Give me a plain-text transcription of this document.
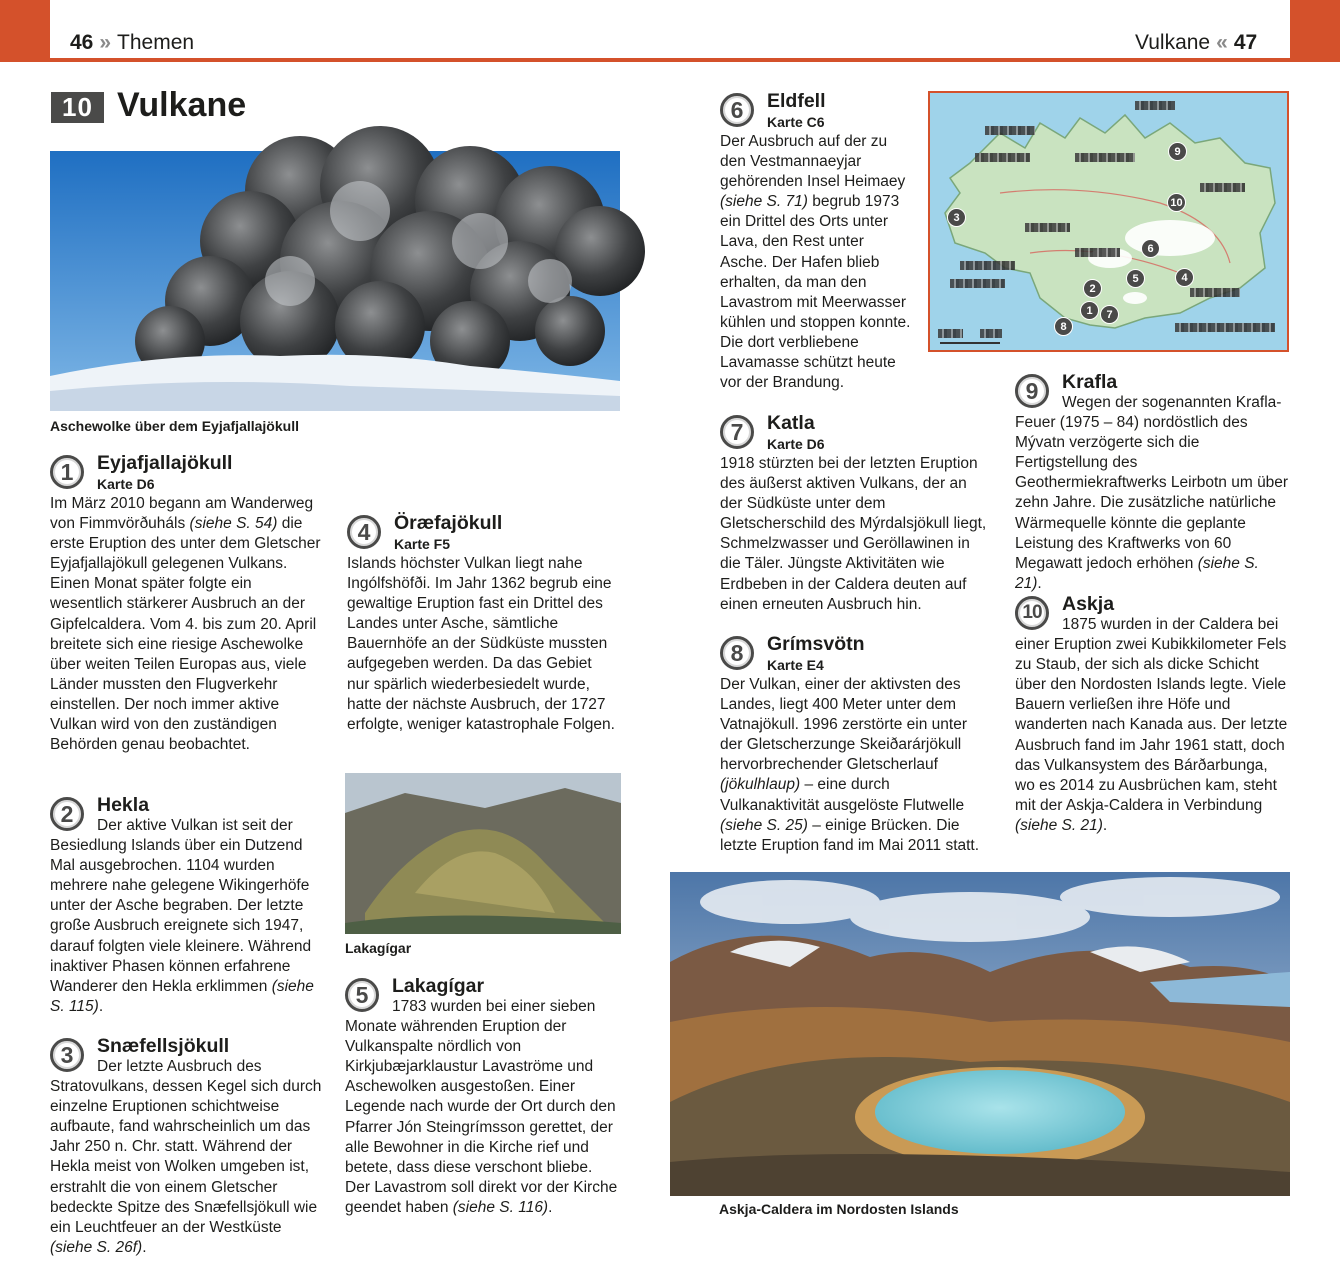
46 » Themen	Vulkane « 47
10 Vulkane
Aschewolke über dem Eyjafjallajökull
Lakagígar
Askja-Caldera im Nordosten Islands
9
10
3
6
5	4
2
1	7
8
1	Eyjafjallajökull
Karte D6

Im März 2010 begann am Wanderweg von Fimmvörðuháls (siehe S. 54) die erste Eruption des unter dem Gletscher Eyjafjallajökull gelegenen Vulkans. Einen Monat später folgte ein wesentlich stärkerer Ausbruch an der Gipfelcaldera. Vom 4. bis zum 20. April breitete sich eine riesige Aschewolke über weiten Teilen Europas aus, viele Länder mussten den Flugverkehr einstellen. Der noch immer aktive Vulkan wird von den zuständigen Behörden genau beobachtet.

2	Hekla

Der aktive Vulkan ist seit der Besiedlung Islands über ein Dutzend Mal ausgebrochen. 1104 wurden mehrere nahe gelegene Wikingerhöfe unter der Asche begraben. Der letzte große Ausbruch ereignete sich 1947, darauf folgten viele kleinere. Während inaktiver Phasen können erfahrene Wanderer den Hekla erklimmen (siehe S. 115).

3	Snæfellsjökull

Der letzte Ausbruch des Stratovulkans, dessen Kegel sich durch einzelne Eruptionen schichtweise aufbaute, fand wahrscheinlich um das Jahr 250 n. Chr. statt. Während der Hekla meist von Wolken umgeben ist, erstrahlt die von einem Gletscher bedeckte Spitze des Snæfellsjökull wie ein Leuchtfeuer an der Westküste (siehe S. 26f).

4	Öræfajökull
Karte F5

Islands höchster Vulkan liegt nahe Ingólfshöfði. Im Jahr 1362 begrub eine gewaltige Eruption fast ein Drittel des Landes unter Asche, sämtliche Bauernhöfe an der Südküste mussten aufgegeben werden. Da das Gebiet nur spärlich wiederbesiedelt wurde, hatte der nächste Ausbruch, der 1727 erfolgte, weniger katastrophale Folgen.

5	Lakagígar

1783 wurden bei einer sieben Monate währenden Eruption der Vulkanspalte nördlich von Kirkjubæjarklaustur Lavaströme und Aschewolken ausgestoßen. Einer Legende nach wurde der Ort durch den Pfarrer Jón Steingrímsson gerettet, der alle Bewohner in die Kirche rief und betete, dass diese verschont bliebe. Der Lavastrom soll direkt vor der Kirche geendet haben (siehe S. 116).

6	Eldfell
Karte C6

Der Ausbruch auf der zu den Vestmannaeyjar gehörenden Insel Heimaey (siehe S. 71) begrub 1973 ein Drittel des Orts unter Lava, den Rest unter Asche. Der Hafen blieb erhalten, da man den Lavastrom mit Meerwasser kühlen und stoppen konnte. Die dort verbliebene Lavamasse schützt heute vor der Brandung.

7	Katla
Karte D6

1918 stürzten bei der letzten Eruption des äußerst aktiven Vulkans, der an der Südküste unter dem Gletscherschild des Mýrdalsjökull liegt, Schmelzwasser und Geröllawinen in die Täler. Jüngste Aktivitäten wie Erdbeben in der Caldera deuten auf einen erneuten Ausbruch hin.

8	Grímsvötn
Karte E4

Der Vulkan, einer der aktivsten des Landes, liegt 400 Meter unter dem Vatnajökull. 1996 zerstörte ein unter der Gletscherzunge Skeiðarárjökull hervorbrechender Gletscherlauf (jökulhlaup) – eine durch Vulkanaktivität ausgelöste Flutwelle (siehe S. 25) – einige Brücken. Die letzte Eruption fand im Mai 2011 statt.

9	Krafla

Wegen der sogenannten Krafla-Feuer (1975 – 84) nordöstlich des Mývatn verzögerte sich die Fertigstellung des Geothermiekraftwerks Leirbotn um über zehn Jahre. Die zusätzliche natürliche Wärmequelle könnte die geplante Leistung des Kraftwerks von 60 Megawatt jedoch erhöhen (siehe S. 21).

10	Askja

1875 wurden in der Caldera bei einer Eruption zwei Kubikkilometer Fels zu Staub, der sich als dicke Schicht über den Nordosten Islands legte. Viele Bauern verließen ihre Höfe und wanderten nach Kanada aus. Der letzte Ausbruch fand im Jahr 1961 statt, doch das Vulkansystem des Bárðarbunga, wo es 2014 zu Ausbrüchen kam, steht mit der Askja-Caldera in Verbindung (siehe S. 21).
